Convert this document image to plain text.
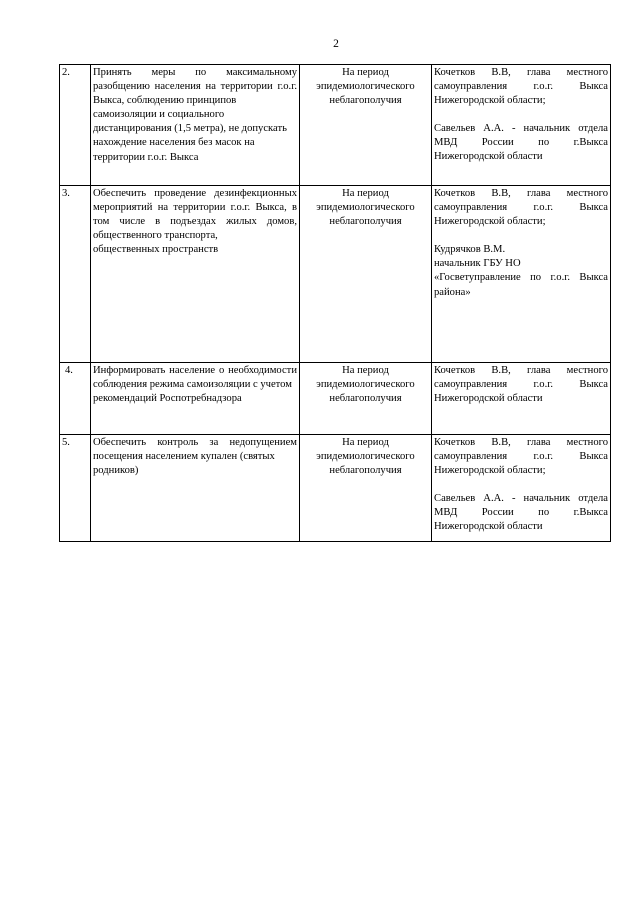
2
2.	Принять меры по максимальному разобщению населения на территории г.о.г. Выкса, соблюдению принципов
самоизоляции и социального дистанцирования (1,5 метра), не допускать нахождение населения без масок на территории г.о.г. Выкса	На период эпидемиологического неблагополучия	Кочетков В.В, глава местного самоуправления г.о.г. Выкса Нижегородской области;
Савельев А.А. - начальник отдела МВД России по г.Выкса Нижегородской области

3.	Обеспечить проведение дезинфекционных мероприятий на территории г.о.г. Выкса, в том числе в подъездах жилых домов, общественного транспорта,
общественных пространств	На период эпидемиологического неблагополучия	Кочетков В.В, глава местного самоуправления г.о.г. Выкса Нижегородской области;
Кудрячков В.М.
начальник ГБУ НО
«Госветуправление по г.о.г. Выкса района»

4.	Информировать население о необходимости соблюдения режима самоизоляции с учетом
рекомендаций Роспотребнадзора	На период эпидемиологического неблагополучия	Кочетков В.В, глава местного самоуправления г.о.г. Выкса Нижегородской области

5.	Обеспечить контроль за недопущением посещения населением купален (святых
родников)	На период эпидемиологического неблагополучия	Кочетков В.В, глава местного самоуправления г.о.г. Выкса Нижегородской области;
Савельев А.А. - начальник отдела МВД России по г.Выкса Нижегородской области
